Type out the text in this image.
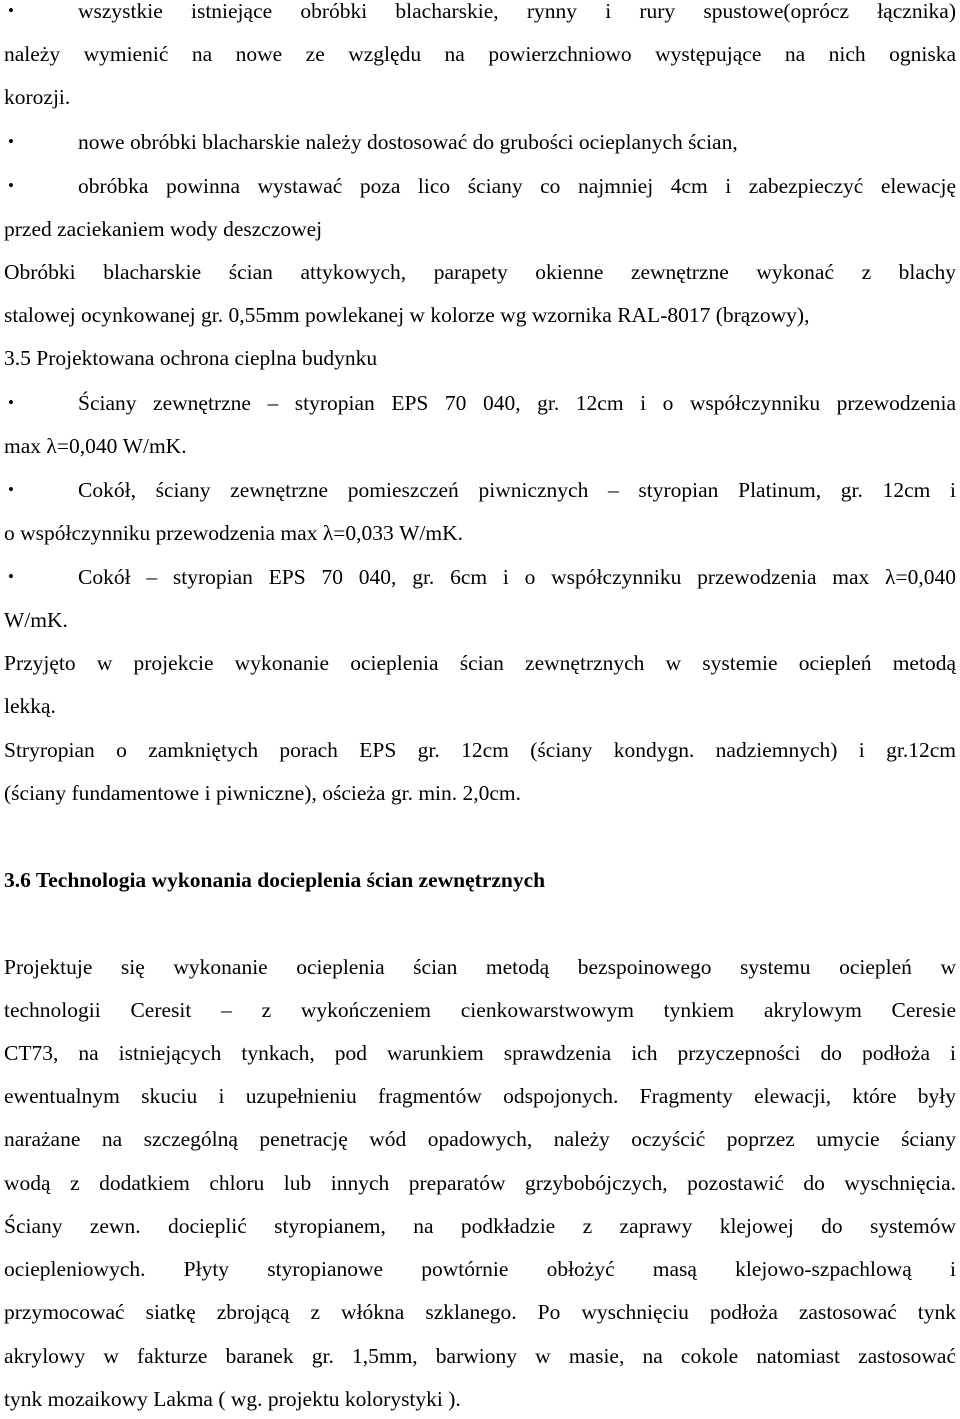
•	wszystkie istniejące obróbki blacharskie, rynny i rury spustowe(oprócz łącznika)
należy wymienić na nowe ze względu na powierzchniowo występujące na nich ogniska
korozji.
•	nowe obróbki blacharskie należy dostosować do grubości ocieplanych ścian,
•	obróbka powinna wystawać poza lico ściany co najmniej 4cm i zabezpieczyć elewację
przed zaciekaniem wody deszczowej
Obróbki blacharskie ścian attykowych, parapety okienne zewnętrzne wykonać z blachy
stalowej ocynkowanej gr. 0,55mm powlekanej w kolorze wg wzornika RAL-8017 (brązowy),
3.5 Projektowana ochrona cieplna budynku
•	Ściany zewnętrzne – styropian EPS 70 040, gr. 12cm i o współczynniku przewodzenia
max λ=0,040 W/mK.
•	Cokół, ściany zewnętrzne pomieszczeń piwnicznych – styropian Platinum, gr. 12cm i
o współczynniku przewodzenia max λ=0,033 W/mK.
•	Cokół – styropian EPS 70 040, gr. 6cm i o współczynniku przewodzenia max λ=0,040
W/mK.
Przyjęto w projekcie wykonanie ocieplenia ścian zewnętrznych w systemie ociepleń metodą
lekką.
Stryropian o zamkniętych porach EPS gr. 12cm (ściany kondygn. nadziemnych) i gr.12cm
(ściany fundamentowe i piwniczne), ościeża gr. min. 2,0cm.
3.6 Technologia wykonania docieplenia ścian zewnętrznych
Projektuje się wykonanie ocieplenia ścian metodą bezspoinowego systemu ociepleń w
technologii Ceresit – z wykończeniem cienkowarstwowym tynkiem akrylowym Ceresie
CT73, na istniejących tynkach, pod warunkiem sprawdzenia ich przyczepności do podłoża i
ewentualnym skuciu i uzupełnieniu fragmentów odspojonych. Fragmenty elewacji, które były
narażane na szczególną penetrację wód opadowych, należy oczyścić poprzez umycie ściany
wodą z dodatkiem chloru lub innych preparatów grzybobójczych, pozostawić do wyschnięcia.
Ściany zewn. docieplić styropianem, na podkładzie z zaprawy klejowej do systemów
ociepleniowych. Płyty styropianowe powtórnie obłożyć masą klejowo-szpachlową i
przymocować siatkę zbrojącą z włókna szklanego. Po wyschnięciu podłoża zastosować tynk
akrylowy w fakturze baranek gr. 1,5mm, barwiony w masie, na cokole natomiast zastosować
tynk mozaikowy Lakma ( wg. projektu kolorystyki ).
